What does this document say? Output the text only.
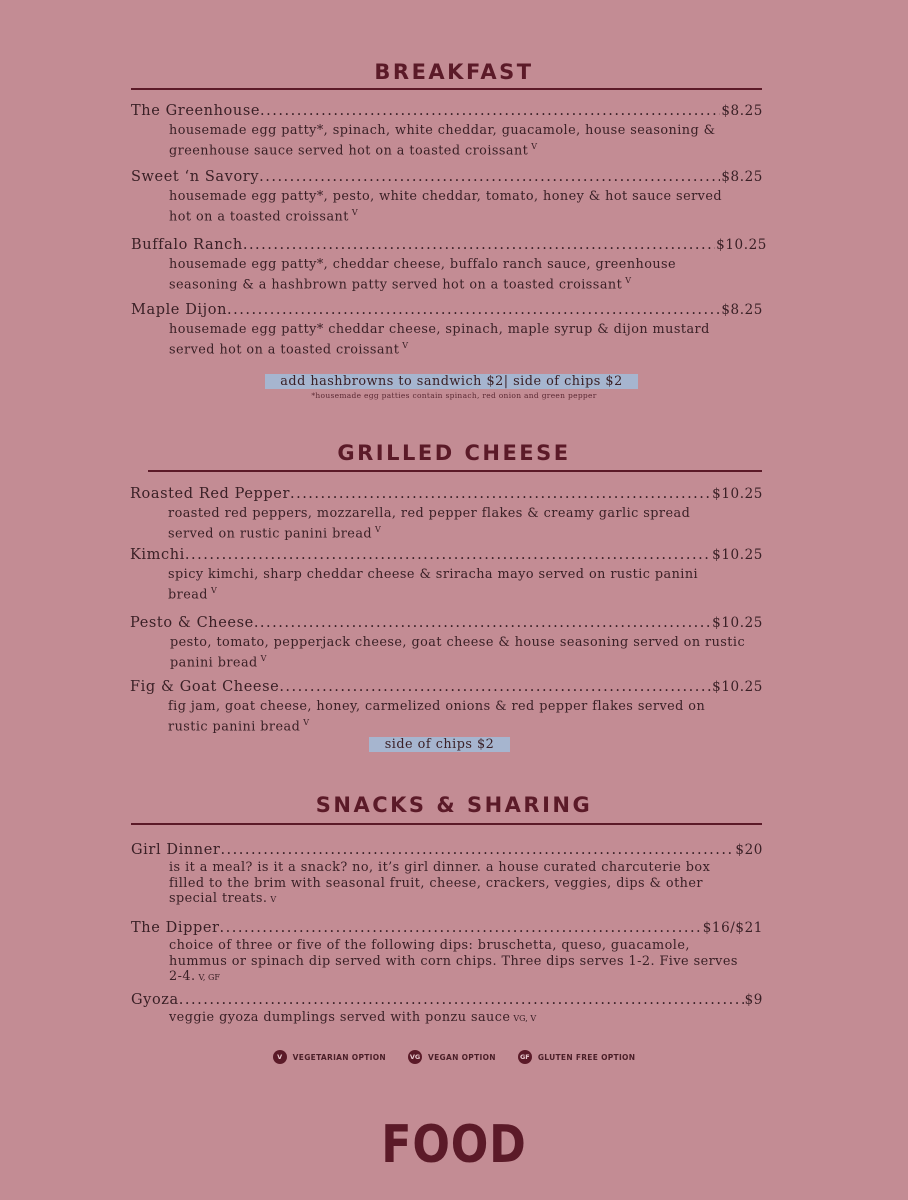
BREAKFAST
The Greenhouse .....	$8.25
housemade egg patty*, spinach, white cheddar, guacamole, house seasoning & greenhouse sauce served hot on a toasted croissant $^V$
Sweet ‘n Savory .....	$8.25
housemade egg patty*, pesto, white cheddar, tomato, honey & hot sauce served hot on a toasted croissant $^V$
Buffalo Ranch .....	$10.25
housemade egg patty*, cheddar cheese, buffalo ranch sauce, greenhouse seasoning & a hashbrown patty served hot on a toasted croissant $^V$
Maple Dijon .....	$8.25
housemade egg patty* cheddar cheese, spinach, maple syrup & dijon mustard served hot on a toasted croissant $^V$
add hashbrowns to sandwich $2| side of chips $2
*housemade egg patties contain spinach, red onion and green pepper
GRILLED CHEESE
Roasted Red Pepper .....	$10.25
roasted red peppers, mozzarella, red pepper flakes & creamy garlic spread served on rustic panini bread $^V$
Kimchi .....	$10.25
spicy kimchi, sharp cheddar cheese & sriracha mayo served on rustic panini bread $^V$
Pesto & Cheese .....	$10.25
pesto, tomato, pepperjack cheese, goat cheese & house seasoning served on rustic panini bread $^V$
Fig & Goat Cheese .....	$10.25
fig jam, goat cheese, honey, carmelized onions & red pepper flakes served on rustic panini bread $^V$
side of chips $2
SNACKS & SHARING
Girl Dinner .....	$20
is it a meal? is it a snack? no, it’s girl dinner. a house curated charcuterie box filled to the brim with seasonal fruit, cheese, crackers, veggies, dips & other special treats. V
The Dipper .....	$16/$21
choice of three or five of the following dips: bruschetta, queso, guacamole, hummus or spinach dip served with corn chips. Three dips serves 1-2. Five serves 2-4. V, GF
Gyoza .....	$9
veggie gyoza dumplings served with ponzu sauce VG, V
V	VEGETARIAN OPTION	VG VEGAN OPTION	GF GLUTEN FREE OPTION
FOOD
